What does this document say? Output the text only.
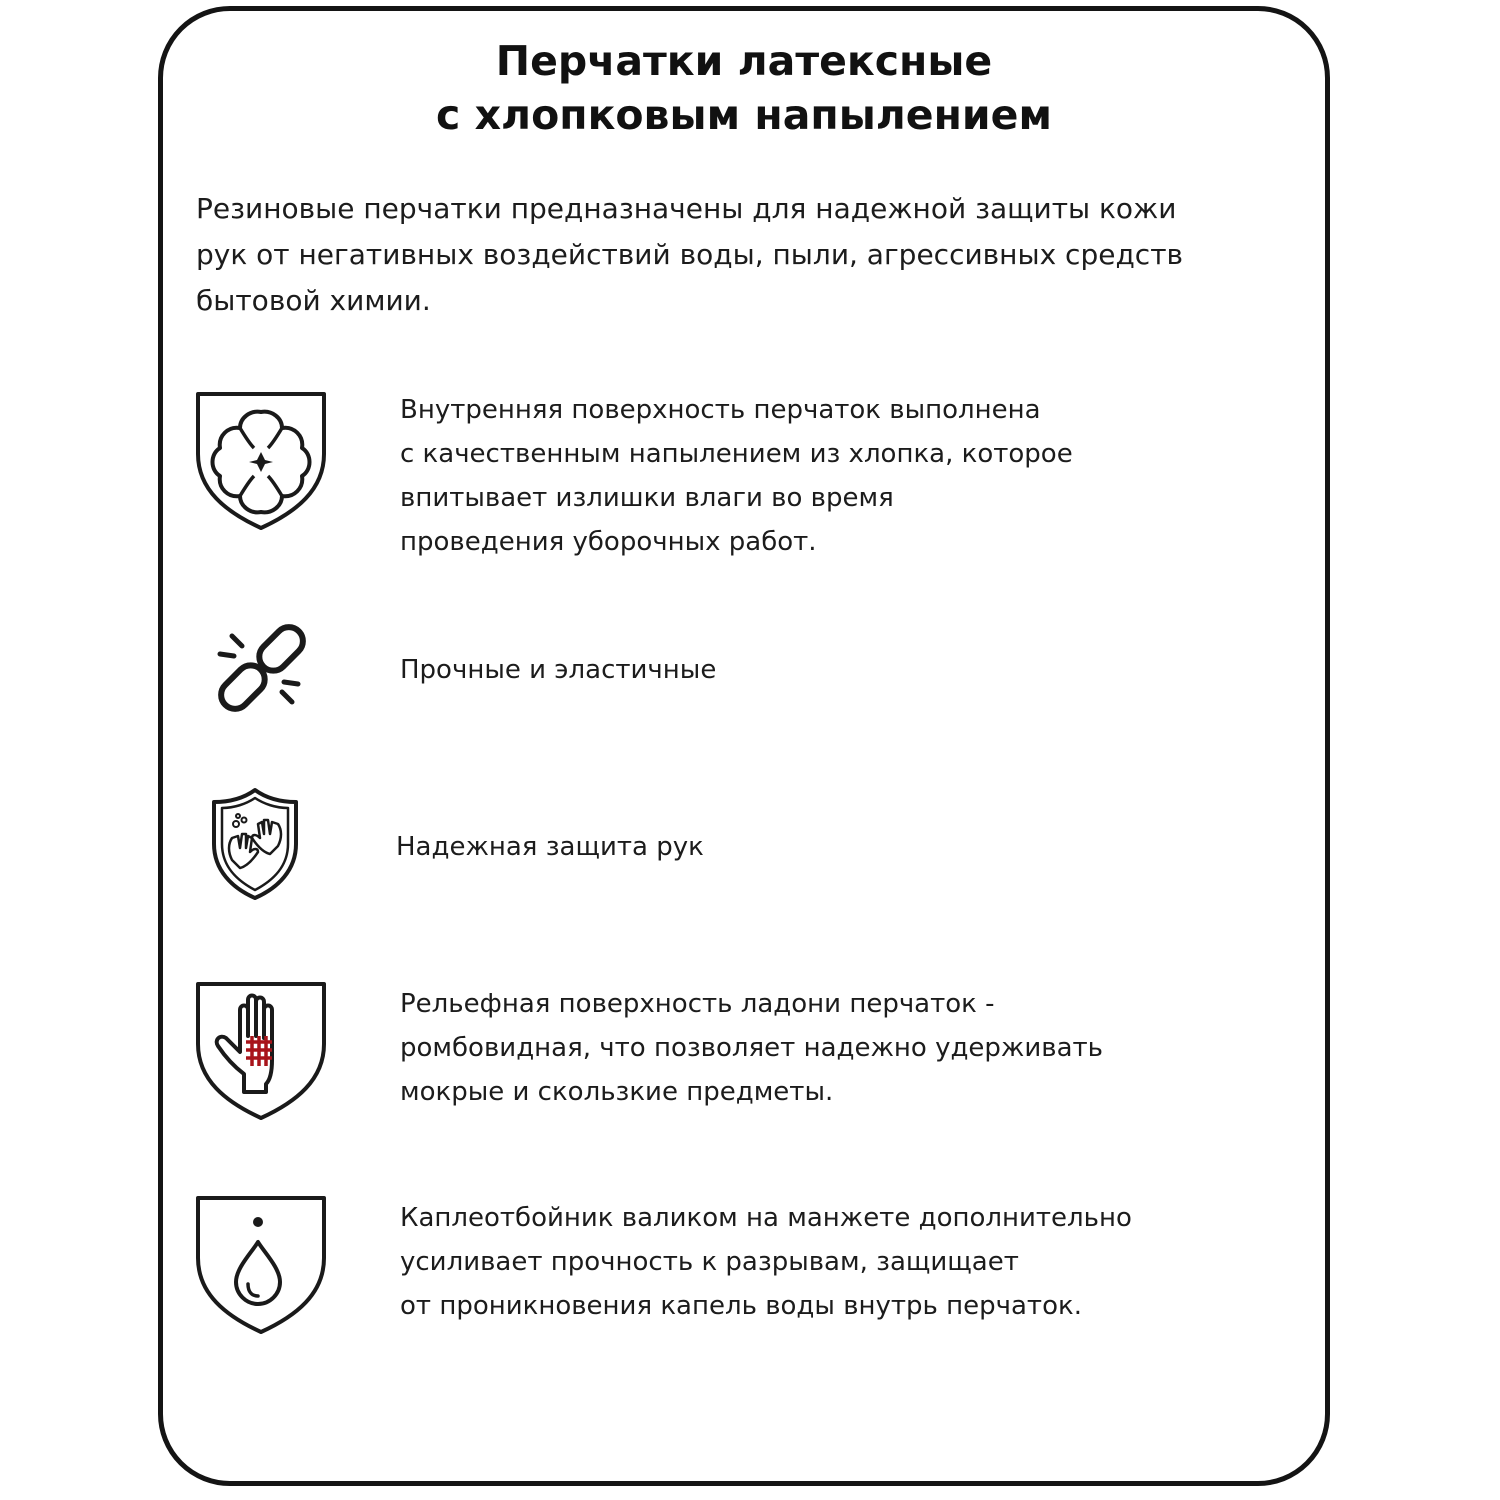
Перчатки латексные
с хлопковым напылением

Резиновые перчатки предназначены для надежной защиты кожи
рук от негативных воздействий воды, пыли, агрессивных средств
бытовой химии.

Внутренняя поверхность перчаток выполнена
с качественным напылением из хлопка, которое
впитывает излишки влаги во время
проведения уборочных работ.

Прочные и эластичные

Надежная защита рук

Рельефная поверхность ладони перчаток -
ромбовидная, что позволяет надежно удерживать
мокрые и скользкие предметы.

Каплеотбойник валиком на манжете дополнительно
усиливает прочность к разрывам, защищает
от проникновения капель воды внутрь перчаток.
